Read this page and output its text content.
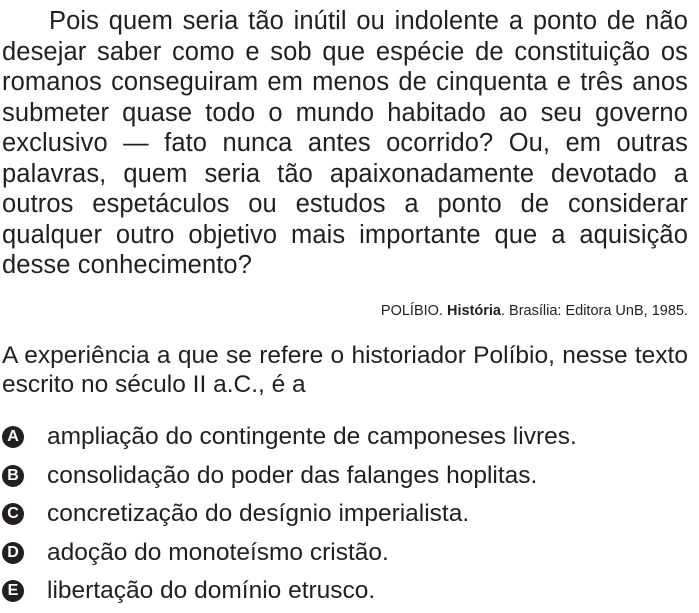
Pois quem seria tão inútil ou indolente a ponto de não desejar saber como e sob que espécie de constituição os romanos conseguiram em menos de cinquenta e três anos submeter quase todo o mundo habitado ao seu governo exclusivo — fato nunca antes ocorrido? Ou, em outras palavras, quem seria tão apaixonadamente devotado a outros espetáculos ou estudos a ponto de considerar qualquer outro objetivo mais importante que a aquisição desse conhecimento?

POLÍBIO. História. Brasília: Editora UnB, 1985.

A experiência a que se refere o historiador Políbio, nesse texto escrito no século II a.C., é a

A ampliação do contingente de camponeses livres.
B consolidação do poder das falanges hoplitas.
C concretização do desígnio imperialista.
D adoção do monoteísmo cristão.
E libertação do domínio etrusco.
